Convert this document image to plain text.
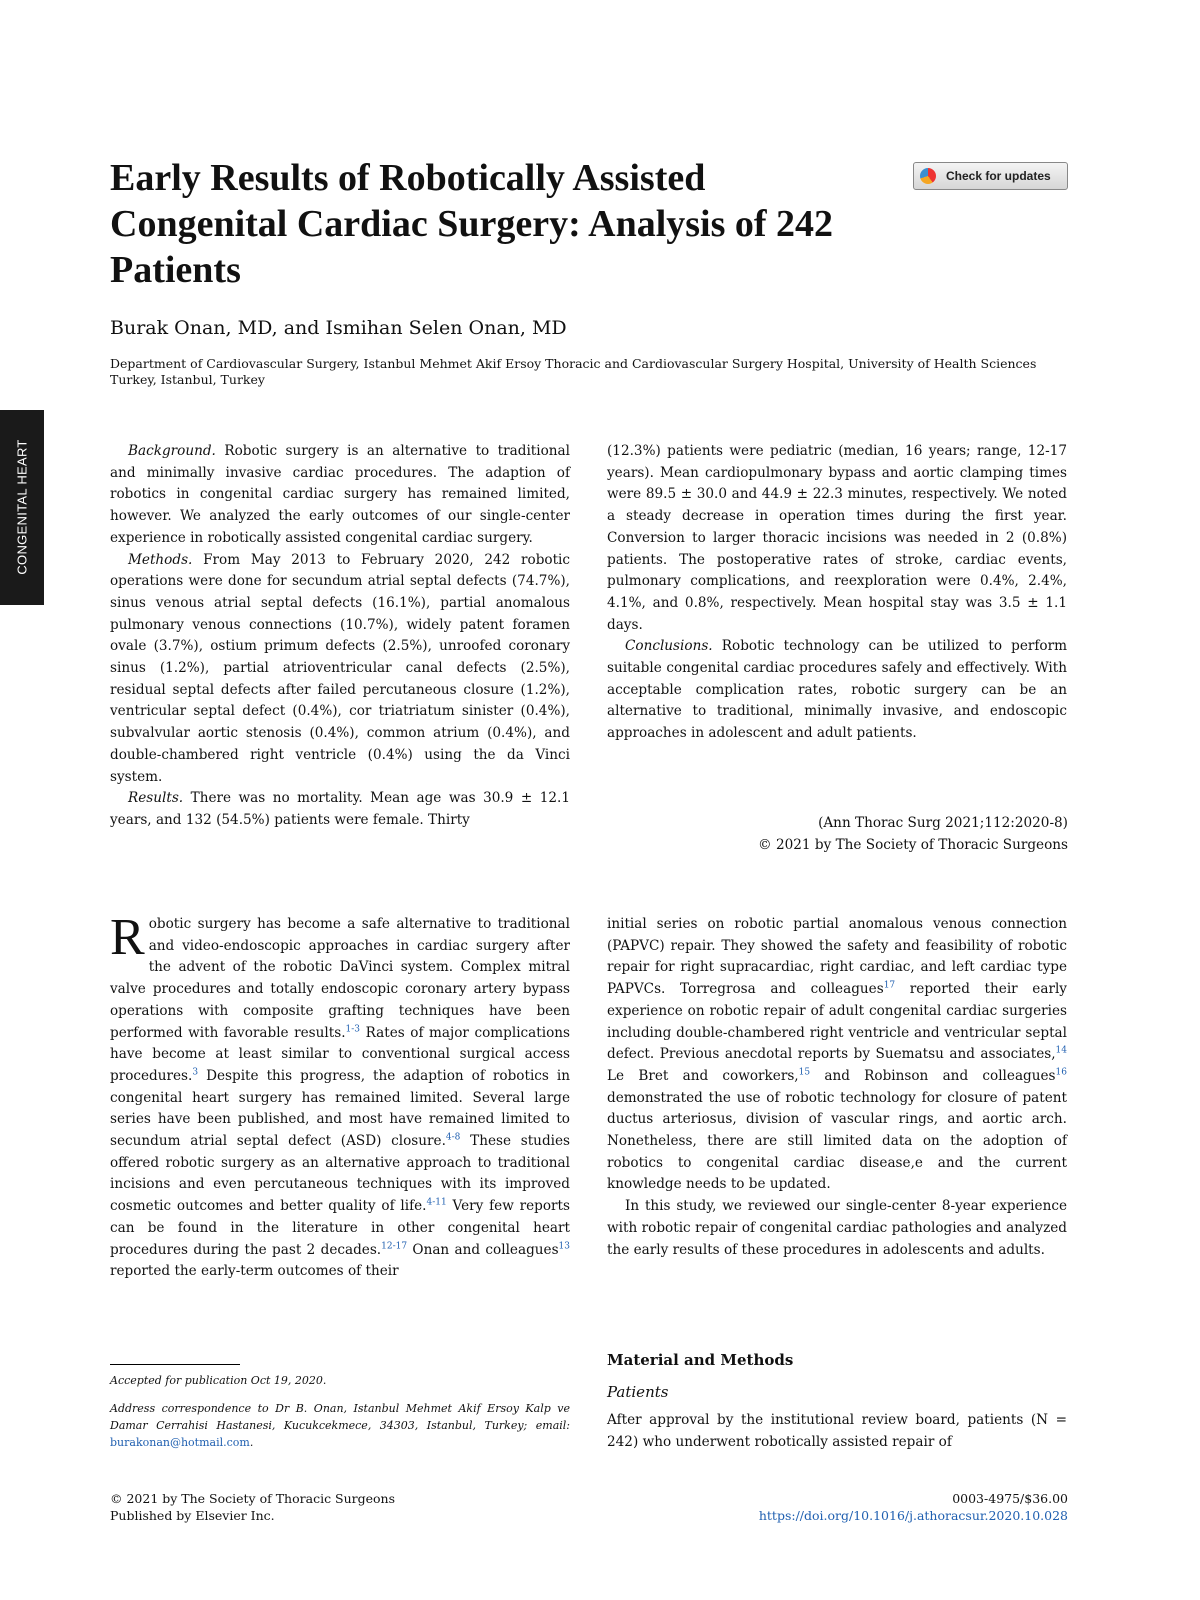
CONGENITAL HEART
Early Results of Robotically Assisted Congenital Cardiac Surgery: Analysis of 242 Patients
Check for updates
Burak Onan, MD, and Ismihan Selen Onan, MD
Department of Cardiovascular Surgery, Istanbul Mehmet Akif Ersoy Thoracic and Cardiovascular Surgery Hospital, University of Health Sciences Turkey, Istanbul, Turkey

Background. Robotic surgery is an alternative to traditional and minimally invasive cardiac procedures. The adaption of robotics in congenital cardiac surgery has remained limited, however. We analyzed the early outcomes of our single-center experience in robotically assisted congenital cardiac surgery.

Methods. From May 2013 to February 2020, 242 robotic operations were done for secundum atrial septal defects (74.7%), sinus venous atrial septal defects (16.1%), partial anomalous pulmonary venous connections (10.7%), widely patent foramen ovale (3.7%), ostium primum defects (2.5%), unroofed coronary sinus (1.2%), partial atrioventricular canal defects (2.5%), residual septal defects after failed percutaneous closure (1.2%), ventricular septal defect (0.4%), cor triatriatum sinister (0.4%), subvalvular aortic stenosis (0.4%), common atrium (0.4%), and double-chambered right ventricle (0.4%) using the da Vinci system.

Results. There was no mortality. Mean age was 30.9 ± 12.1 years, and 132 (54.5%) patients were female. Thirty

(12.3%) patients were pediatric (median, 16 years; range, 12-17 years). Mean cardiopulmonary bypass and aortic clamping times were 89.5 ± 30.0 and 44.9 ± 22.3 minutes, respectively. We noted a steady decrease in operation times during the first year. Conversion to larger thoracic incisions was needed in 2 (0.8%) patients. The postoperative rates of stroke, cardiac events, pulmonary complications, and reexploration were 0.4%, 2.4%, 4.1%, and 0.8%, respectively. Mean hospital stay was 3.5 ± 1.1 days.

Conclusions. Robotic technology can be utilized to perform suitable congenital cardiac procedures safely and effectively. With acceptable complication rates, robotic surgery can be an alternative to traditional, minimally invasive, and endoscopic approaches in adolescent and adult patients.

(Ann Thorac Surg 2021;112:2020-8)
© 2021 by The Society of Thoracic Surgeons

Robotic surgery has become a safe alternative to traditional and video-endoscopic approaches in cardiac surgery after the advent of the robotic DaVinci system. Complex mitral valve procedures and totally endoscopic coronary artery bypass operations with composite grafting techniques have been performed with favorable results.$^{1-3}$ Rates of major complications have become at least similar to conventional surgical access procedures.$^3$ Despite this progress, the adaption of robotics in congenital heart surgery has remained limited. Several large series have been published, and most have remained limited to secundum atrial septal defect (ASD) closure.$^{4-8}$ These studies offered robotic surgery as an alternative approach to traditional incisions and even percutaneous techniques with its improved cosmetic outcomes and better quality of life.$^{4-11}$ Very few reports can be found in the literature in other congenital heart procedures during the past 2 decades.$^{12-17}$ Onan and colleagues$^{13}$ reported the early-term outcomes of their

initial series on robotic partial anomalous venous connection (PAPVC) repair. They showed the safety and feasibility of robotic repair for right supracardiac, right cardiac, and left cardiac type PAPVCs. Torregrosa and colleagues$^{17}$ reported their early experience on robotic repair of adult congenital cardiac surgeries including double-chambered right ventricle and ventricular septal defect. Previous anecdotal reports by Suematsu and associates,$^{14}$ Le Bret and coworkers,$^{15}$ and Robinson and colleagues$^{16}$ demonstrated the use of robotic technology for closure of patent ductus arteriosus, division of vascular rings, and aortic arch. Nonetheless, there are still limited data on the adoption of robotics to congenital cardiac disease,e and the current knowledge needs to be updated.

In this study, we reviewed our single-center 8-year experience with robotic repair of congenital cardiac pathologies and analyzed the early results of these procedures in adolescents and adults.

Material and Methods
Patients
After approval by the institutional review board, patients (N = 242) who underwent robotically assisted repair of
Accepted for publication Oct 19, 2020.
Address correspondence to Dr B. Onan, Istanbul Mehmet Akif Ersoy Kalp ve Damar Cerrahisi Hastanesi, Kucukcekmece, 34303, Istanbul, Turkey; email: burakonan@hotmail.com.
© 2021 by The Society of Thoracic Surgeons
Published by Elsevier Inc.
0003-4975/$36.00
https://doi.org/10.1016/j.athoracsur.2020.10.028
